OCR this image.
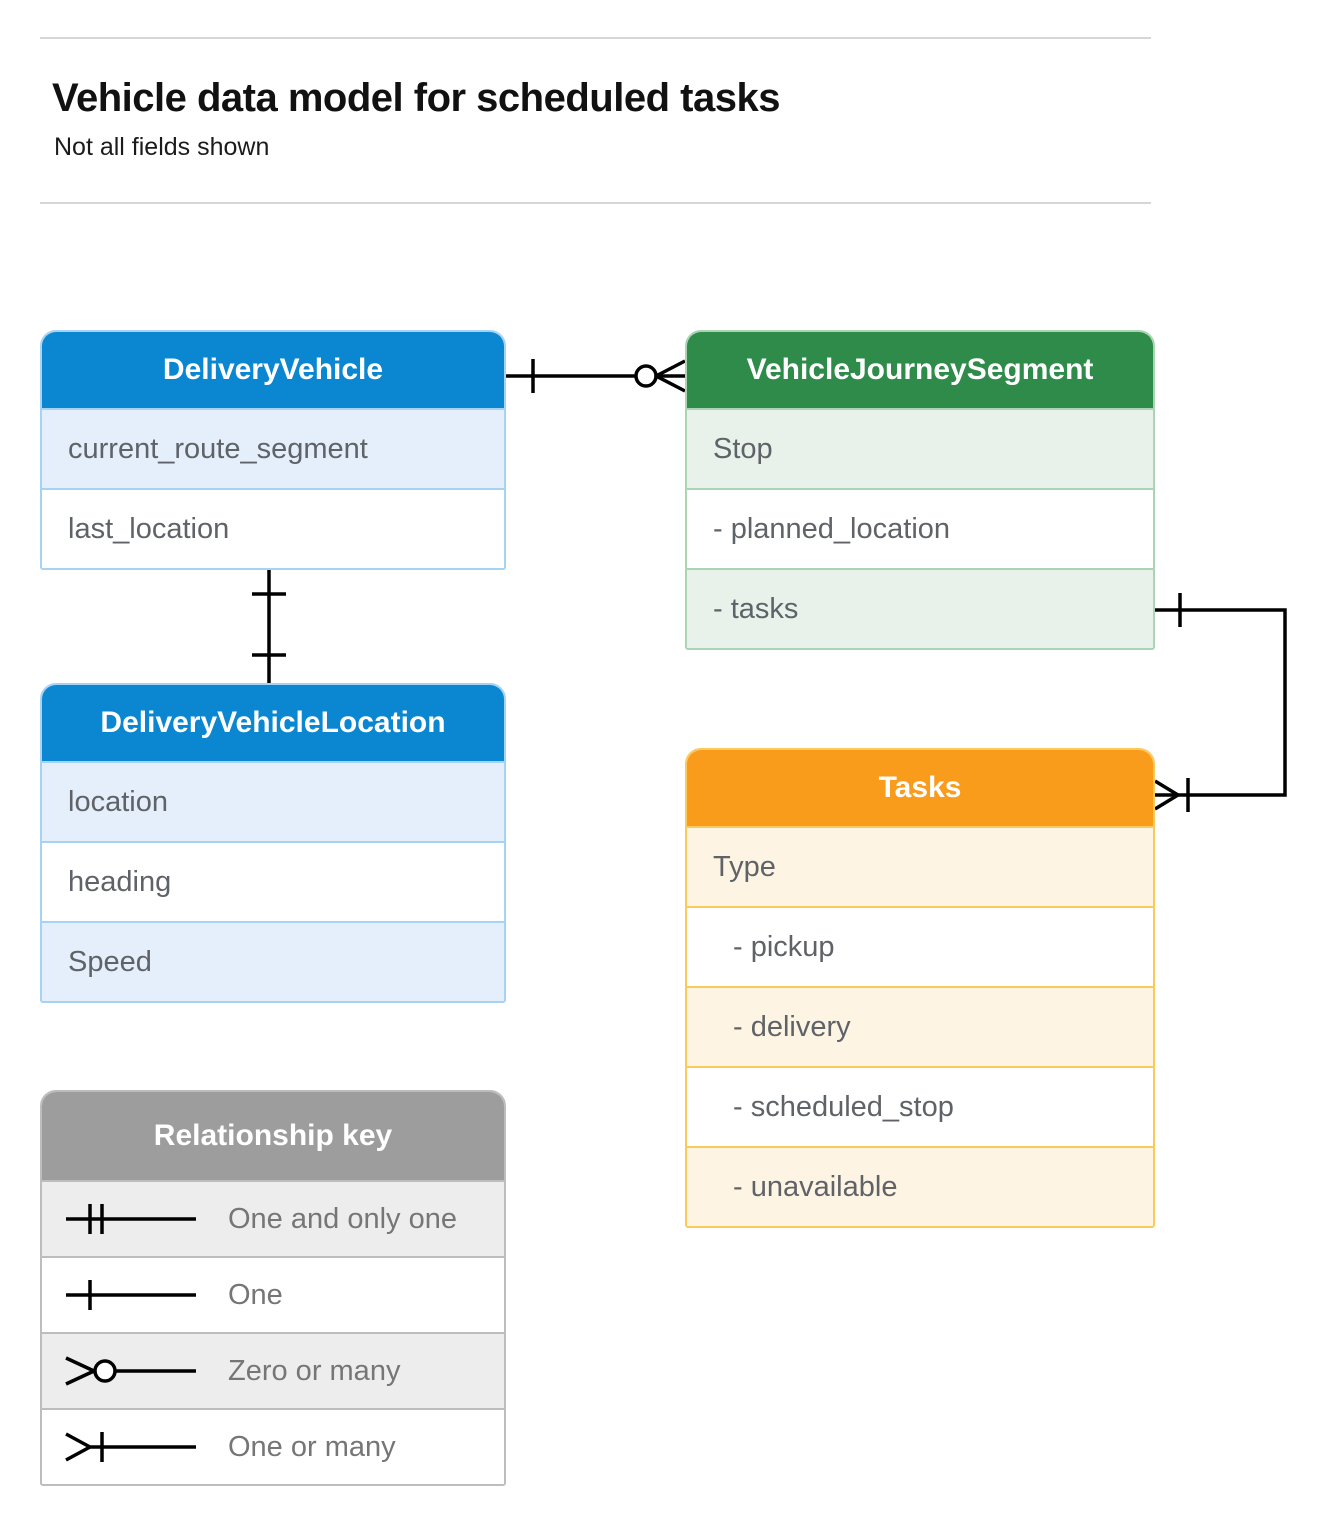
Vehicle data model for scheduled tasks
Not all fields shown
DeliveryVehicle
current_route_segment
last_location
VehicleJourneySegment
Stop
- planned_location
- tasks
DeliveryVehicleLocation
location
heading
Speed
Tasks
Type
- pickup
- delivery
- scheduled_stop
- unavailable
Relationship key
One and only one
One
Zero or many
One or many
